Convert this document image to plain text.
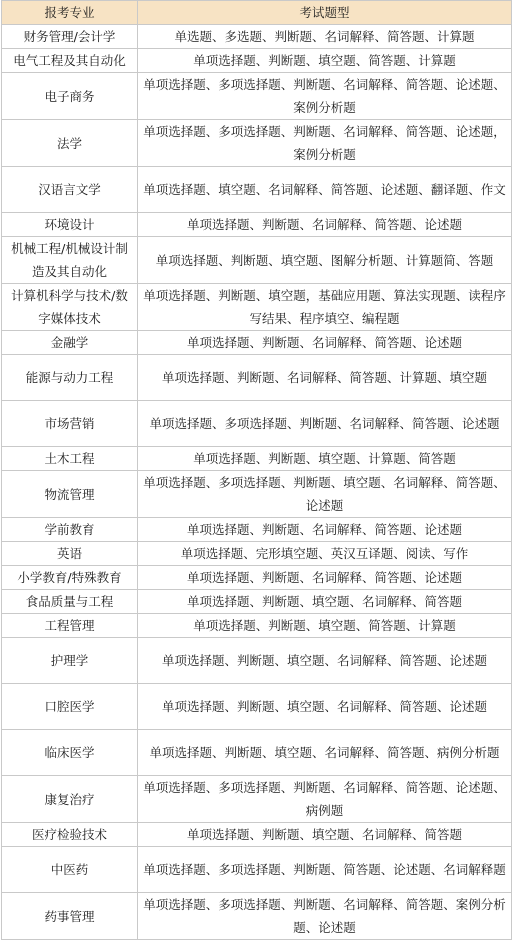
报考专业	考试题型
财务管理/会计学	单选题、多选题、判断题、名词解释、简答题、计算题
电气工程及其自动化	单项选择题、判断题、填空题、简答题、计算题
电子商务	单项选择题、多项选择题、判断题、名词解释、简答题、论述题、案例分析题
法学	单项选择题、多项选择题、判断题、名词解释、简答题、论述题，案例分析题
汉语言文学	单项选择题、填空题、名词解释、简答题、论述题、翻译题、作文
环境设计	单项选择题、判断题、名词解释、简答题、论述题
机械工程/机械设计制造及其自动化	单项选择题、判断题、填空题、图解分析题、计算题简、答题
计算机科学与技术/数字媒体技术	单项选择题、判断题、填空题，基础应用题、算法实现题、读程序写结果、程序填空、编程题
金融学	单项选择题、判断题、名词解释、简答题、论述题
能源与动力工程	单项选择题、判断题、名词解释、简答题、计算题、填空题
市场营销	单项选择题、多项选择题、判断题、名词解释、简答题、论述题
土木工程	单项选择题、判断题、填空题、计算题、简答题
物流管理	单项选择题、多项选择题、判断题、填空题、名词解释、简答题、论述题
学前教育	单项选择题、判断题、名词解释、简答题、论述题
英语	单项选择题、完形填空题、英汉互译题、阅读、写作
小学教育/特殊教育	单项选择题、判断题、名词解释、简答题、论述题
食品质量与工程	单项选择题、判断题、填空题、名词解释、简答题
工程管理	单项选择题、判断题、填空题、简答题、计算题
护理学	单项选择题、判断题、填空题、名词解释、简答题、论述题
口腔医学	单项选择题、判断题、填空题、名词解释、简答题、论述题
临床医学	单项选择题、判断题、填空题、名词解释、简答题、病例分析题
康复治疗	单项选择题、多项选择题、判断题、名词解释、简答题、论述题、病例题
医疗检验技术	单项选择题、判断题、填空题、名词解释、简答题
中医药	单项选择题、多项选择题、判断题、简答题、论述题、名词解释题
药事管理	单项选择题、多项选择题、判断题、名词解释、简答题、案例分析题、论述题
